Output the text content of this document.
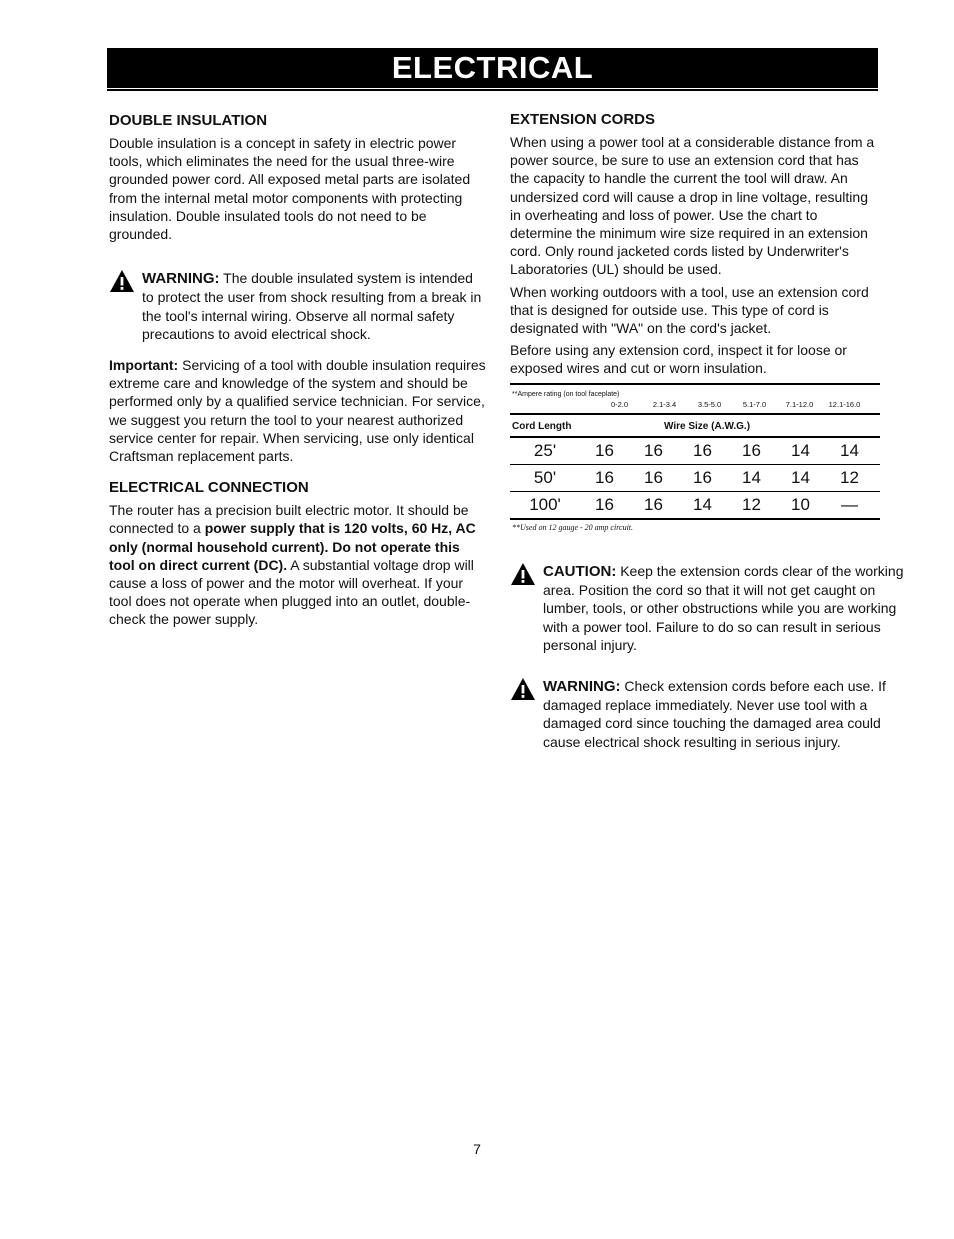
ELECTRICAL
DOUBLE INSULATION

Double insulation is a concept in safety in electric power tools, which eliminates the need for the usual three-wire grounded power cord. All exposed metal parts are isolated from the internal metal motor components with protecting insulation. Double insulated tools do not need to be grounded.

WARNING: The double insulated system is intended to protect the user from shock resulting from a break in the tool's internal wiring. Observe all normal safety precautions to avoid electrical shock.

Important: Servicing of a tool with double insulation requires extreme care and knowledge of the system and should be performed only by a qualified service technician. For service, we suggest you return the tool to your nearest authorized service center for repair. When servicing, use only identical Craftsman replacement parts.

ELECTRICAL CONNECTION

The router has a precision built electric motor. It should be connected to a power supply that is 120 volts, 60 Hz, AC only (normal household current). Do not operate this tool on direct current (DC). A substantial voltage drop will cause a loss of power and the motor will overheat. If your tool does not operate when plugged into an outlet, double-check the power supply.

EXTENSION CORDS

When using a power tool at a considerable distance from a power source, be sure to use an extension cord that has the capacity to handle the current the tool will draw. An undersized cord will cause a drop in line voltage, resulting in overheating and loss of power. Use the chart to determine the minimum wire size required in an extension cord. Only round jacketed cords listed by Underwriter's Laboratories (UL) should be used.

When working outdoors with a tool, use an extension cord that is designed for outside use. This type of cord is designated with "WA" on the cord's jacket.

Before using any extension cord, inspect it for loose or exposed wires and cut or worn insulation.

**Ampere rating (on tool faceplate)
0-2.0	2.1-3.4	3.5-5.0	5.1-7.0	7.1-12.0	12.1-16.0
Cord Length	Wire Size (A.W.G.)
25'	16	16	16	16	14	14
50'	16	16	16	14	14	12
100'	16	16	14	12	10	—
**Used on 12 gauge - 20 amp circuit.

CAUTION: Keep the extension cords clear of the working area. Position the cord so that it will not get caught on lumber, tools, or other obstructions while you are working with a power tool. Failure to do so can result in serious personal injury.

WARNING: Check extension cords before each use. If damaged replace immediately. Never use tool with a damaged cord since touching the damaged area could cause electrical shock resulting in serious injury.

7
